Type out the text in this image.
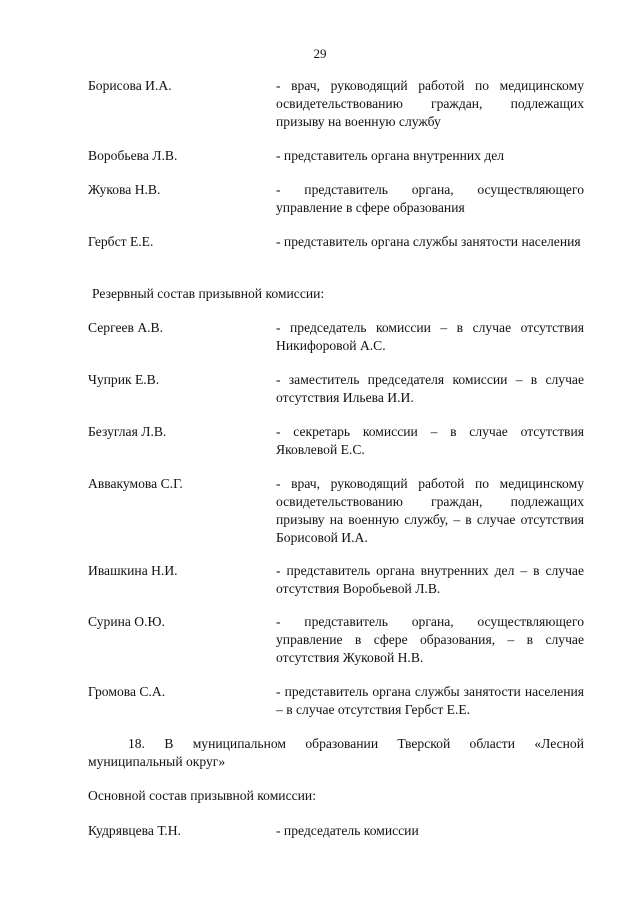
29
Борисова И.А.	- врач, руководящий работой по медицинскому освидетельствованию граждан, подлежащих призыву на военную службу
Воробьева Л.В.	- представитель органа внутренних дел
Жукова Н.В.	- представитель органа, осуществляющего управление в сфере образования
Гербст Е.Е.	- представитель органа службы занятости населения
Резервный состав призывной комиссии:
Сергеев А.В.	- председатель комиссии – в случае отсутствия Никифоровой А.С.
Чуприк Е.В.	- заместитель председателя комиссии – в случае отсутствия Ильева И.И.
Безуглая Л.В.	- секретарь комиссии – в случае отсутствия Яковлевой Е.С.
Аввакумова С.Г.	- врач, руководящий работой по медицинскому освидетельствованию граждан, подлежащих призыву на военную службу, – в случае отсутствия Борисовой И.А.
Ивашкина Н.И.	- представитель органа внутренних дел – в случае отсутствия Воробьевой Л.В.
Сурина О.Ю.	- представитель органа, осуществляющего управление в сфере образования, – в случае отсутствия Жуковой Н.В.
Громова С.А.	- представитель органа службы занятости населения – в случае отсутствия Гербст Е.Е.
18. В муниципальном образовании Тверской области «Лесной муниципальный округ»
Основной состав призывной комиссии:
Кудрявцева Т.Н.	- председатель комиссии
